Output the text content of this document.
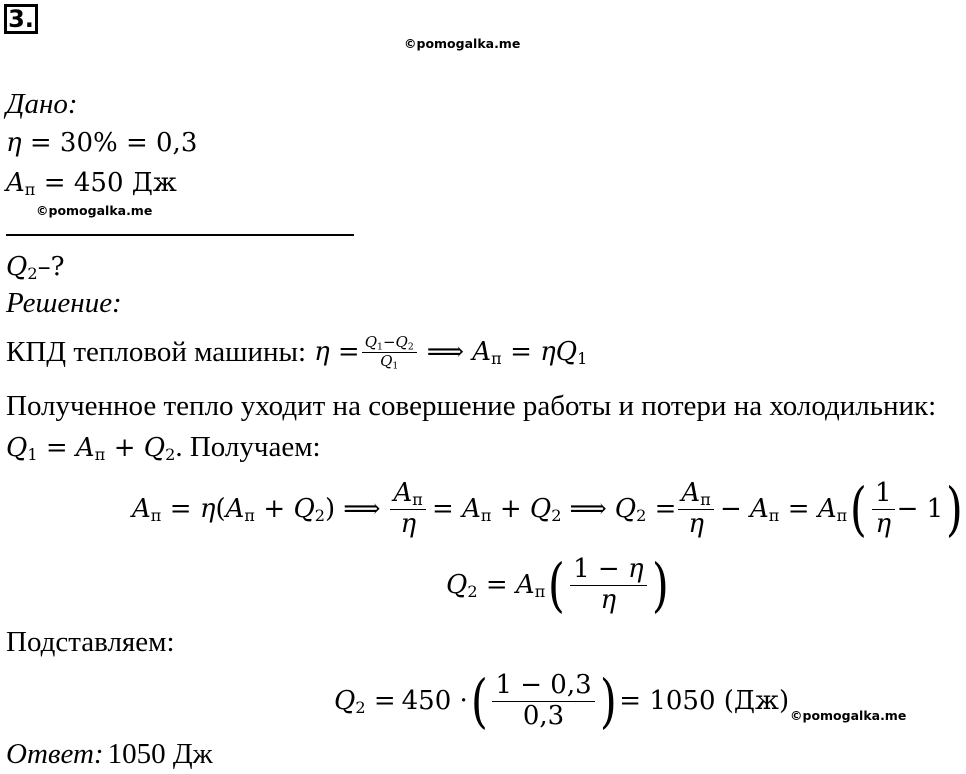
3.
©pomogalka.me
Дано:
η = 30% = 0,3
$A_п = 450$ Дж
©pomogalka.me
$Q_2-$?
Решение:
КПД тепловой машины: $\eta = \frac{Q_1-Q_2}{Q_1}$ ⟹ $A_п = \eta Q_1$
Полученное тепло уходит на совершение работы и потери на холодильник:
$Q_1 = A_п + Q_2$ . Получаем:
$A_п = \eta(A_п + Q_2)$ ⟹ $\frac{A_п}{\eta} = A_п + Q_2$ ⟹ $Q_2 = \frac{A_п}{\eta} - A_п = A_п$ ( $\frac{1}{\eta} - 1$ )
$Q_2 = A_п$ ( $\frac{1 - \eta}{\eta}$ )
Подставляем:
$Q_2 = 450$ · ( $\frac{1 - 0,3}{0,3}$ ) = 1050 (Дж) ©pomogalka.me
Ответ: 1050 Дж
